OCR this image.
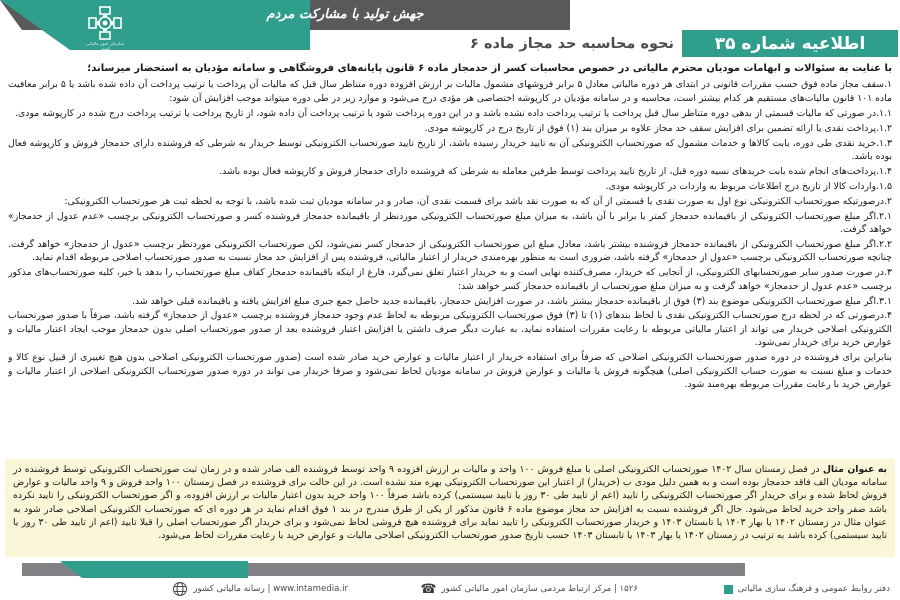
سازمان امور مالیاتی کشور
جهش تولید با مشارکت مردم
اطلاعیه شماره ۳۵
نحوه محاسبه حد مجاز ماده ۶

با عنایت به سئوالات و ابهامات مودیان محترم مالیاتی در خصوص محاسبات کسر از حدمجاز ماده ۶ قانون پایانه‌های فروشگاهی و سامانه مؤدیان به استحضار میرساند؛

۱.سقف مجاز ماده فوق حسب مقررات قانونی در ابتدای هر دوره مالیاتی معادل ۵ برابر فروشهای مشمول مالیات بر ارزش افزوده دوره متناظر سال قبل که مالیات آن پرداخت یا ترتیب پرداخت آن داده شده باشد یا ۵ برابر معافیت ماده ۱۰۱ قانون مالیات‌های مستقیم هر کدام بیشتر است، محاسبه و در سامانه مؤدیان در کارپوشه اختصاصی هر مؤدی درج می‌شود و موارد زیر در طی دوره میتواند موجب افزایش آن شود:

۱.۱.در صورتی که مالیات قسمتی از بدهی دوره متناظر سال قبل پرداخت یا ترتیب پرداخت داده نشده باشد و در این دوره پرداخت شود یا ترتیب پرداخت آن داده شود، از تاریخ پرداخت یا ترتیب پرداخت درج شده در کارپوشه مودی.

۱.۲.پرداخت نقدی یا ارائه تضمین برای افزایش سقف حد مجاز علاوه بر میزان بند (۱) فوق از تاریخ درج در کارپوشه مودی.

۱.۳.خرید نقدی طی دوره، بابت کالاها و خدمات مشمول که صورتحساب الکترونیکی آن به تایید خریدار رسیده باشد، از تاریخ تایید صورتحساب الکترونیکی توسط خریدار به شرطی که فروشنده دارای حدمجاز فروش و کارپوشه فعال بوده باشد.

۱.۴.پرداخت‌های انجام شده بابت خریدهای نسیه دوره قبل، از تاریخ تایید پرداخت توسط طرفین معامله به شرطی که فروشنده دارای حدمجاز فروش و کارپوشه فعال بوده باشد.

۱.۵.واردات کالا از تاریخ درج اطلاعات مربوط به واردات در کارپوشه مودی.

۲.درصورتیکه صورتحساب الکترونیکی نوع اول به صورت نقدی یا قسمتی از آن که به صورت نقد باشد برای قسمت نقدی آن، صادر و در سامانه مودیان ثبت شده باشد، با توجه به لحظه ثبت هر صورتحساب الکترونیکی:

۲.۱.اگر مبلغ صورتحساب الکترونیکی از باقیمانده حدمجاز کمتر یا برابر با آن باشد، به میزان مبلغ صورتحساب الکترونیکی موردنظر از باقیمانده حدمجاز فروشنده کسر و صورتحساب الکترونیکی برچسب «عدم عدول از حدمجاز» خواهد گرفت.

۲.۲.اگر مبلغ صورتحساب الکترونیکی از باقیمانده حدمجاز فروشنده بیشتر باشد، معادل مبلغ این صورتحساب الکترونیکی از حدمجاز کسر نمی‌شود، لکن صورتحساب الکترونیکی موردنظر برچسب «عدول از حدمجاز» خواهد گرفت. چنانچه صورتحساب الکترونیکی برچسب «عدول از حدمجاز» گرفته باشد، ضروری است به منظور بهره‌مندی خریدار از اعتبار مالیاتی، فروشنده پس از افزایش حد مجاز نسبت به صدور صورتحساب اصلاحی مربوطه اقدام نماید.

۳.در صورت صدور سایر صورتحسابهای الکترونیکی، از آنجایی که خریدار، مصرف‌کننده نهایی است و به خریدار اعتبار تعلق نمی‌گیرد، فارغ از اینکه باقیمانده حدمجاز کفاف مبلغ صورتحساب را بدهد یا خیر، کلیه صورتحساب‌های مذکور برچسب «عدم عدول از حدمجاز» خواهد گرفت و به میزان مبلغ صورتحساب از باقیمانده حدمجاز کسر خواهد شد:

۳.۱.اگر مبلغ صورتحساب الکترونیکی موضوع بند (۳) فوق از باقیمانده حدمجاز بیشتر باشد، در صورت افزایش حدمجاز، باقیمانده جدید حاصل جمع جبری مبلغ افزایش یافته و باقیمانده قبلی خواهد شد.

۴.درصورتی که در لحظه درج صورتحساب الکترونیکی نقدی با لحاظ بندهای (۱) تا (۳) فوق صورتحساب الکترونیکی مربوطه به لحاظ عدم وجود حدمجاز فروشنده برچسب «عدول از حدمجاز» گرفته باشد، صرفاً با صدور صورتحساب الکترونیکی اصلاحی خریدار می تواند از اعتبار مالیاتی مربوطه با رعایت مقررات استفاده نماید. به عبارت دیگر صرف داشتن یا افزایش اعتبار فروشنده بعد از صدور صورتحساب اصلی بدون حدمجاز موجب ایجاد اعتبار مالیات و عوارض خرید برای خریدار نمی‌شود.

بنابراین برای فروشنده در دوره صدور صورتحساب الکترونیکی اصلاحی که صرفاً برای استفاده خریدار از اعتبار مالیات و عوارض خرید صادر شده است (صدور صورتحساب الکترونیکی اصلاحی بدون هیچ تغییری از قبیل نوع کالا و خدمات و مبلغ نسبت به صورت حساب الکترونیکی اصلی) هیچگونه فروش یا مالیات و عوارض فروش در سامانه مودیان لحاظ نمی‌شود و صرفا خریدار می تواند در دوره صدور صورتحساب الکترونیکی اصلاحی از اعتبار مالیات و عوارض خرید با رعایت مقررات مربوطه بهره‌مند شود.

به عنوان مثال در فصل زمستان سال ۱۴۰۲ صورتحساب الکترونیکی اصلی با مبلغ فروش ۱۰۰ واحد و مالیات بر ارزش افزوده ۹ واحد توسط فروشنده الف صادر شده و در زمان ثبت صورتحساب الکترونیکی توسط فروشنده در سامانه مودیان الف فاقد حدمجاز بوده است و به همین دلیل مودی ب (خریدار) از اعتبار این صورتحساب الکترونیکی بهره مند نشده است. در این حالت برای فروشنده در فصل زمستان ۱۰۰ واحد فروش و ۹ واحد مالیات و عوارض فروش لحاظ شده و برای خریدار اگر صورتحساب الکترونیکی را تایید (اعم از تایید طی ۳۰ روز یا تایید سیستمی) کرده باشد صرفاً ۱۰۰ واحد خرید بدون اعتبار مالیات بر ارزش افزوده، و اگر صورتحساب الکترونیکی را تایید نکرده باشد صفر واحد خرید لحاظ می‌شود. حال اگر فروشنده نسبت به افزایش حد مجاز موضوع ماده ۶ قانون مذکور از یکی از طرق مندرج در بند ۱ فوق اقدام نماید در هر دوره ای که صورتحساب الکترونیکی اصلاحی صادر شود به عنوان مثال در زمستان ۱۴۰۲ یا بهار ۱۴۰۳ یا تابستان ۱۴۰۳ و خریدار صورتحساب الکترونیکی را تایید نماید برای فروشنده هیچ فروشی لحاظ نمی‌شود و برای خریدار اگر صورتحساب اصلی را قبلا تایید (اعم از تایید طی ۳۰ روز یا تایید سیستمی) کرده باشد به ترتیب در زمستان ۱۴۰۲ یا بهار ۱۴۰۳ یا تابستان ۱۴۰۳ حسب تاریخ صدور صورتحساب الکترونیکی اصلاحی مالیات و عوارض خرید با رعایت مقررات لحاظ می‌شود.
دفتر روابط عمومی و فرهنگ سازی مالیاتی
۱۵۲۶ | مرکز ارتباط مردمی سازمان امور مالیاتی کشور
☎
www.intamedia.ir | رسانه مالیاتی کشور
